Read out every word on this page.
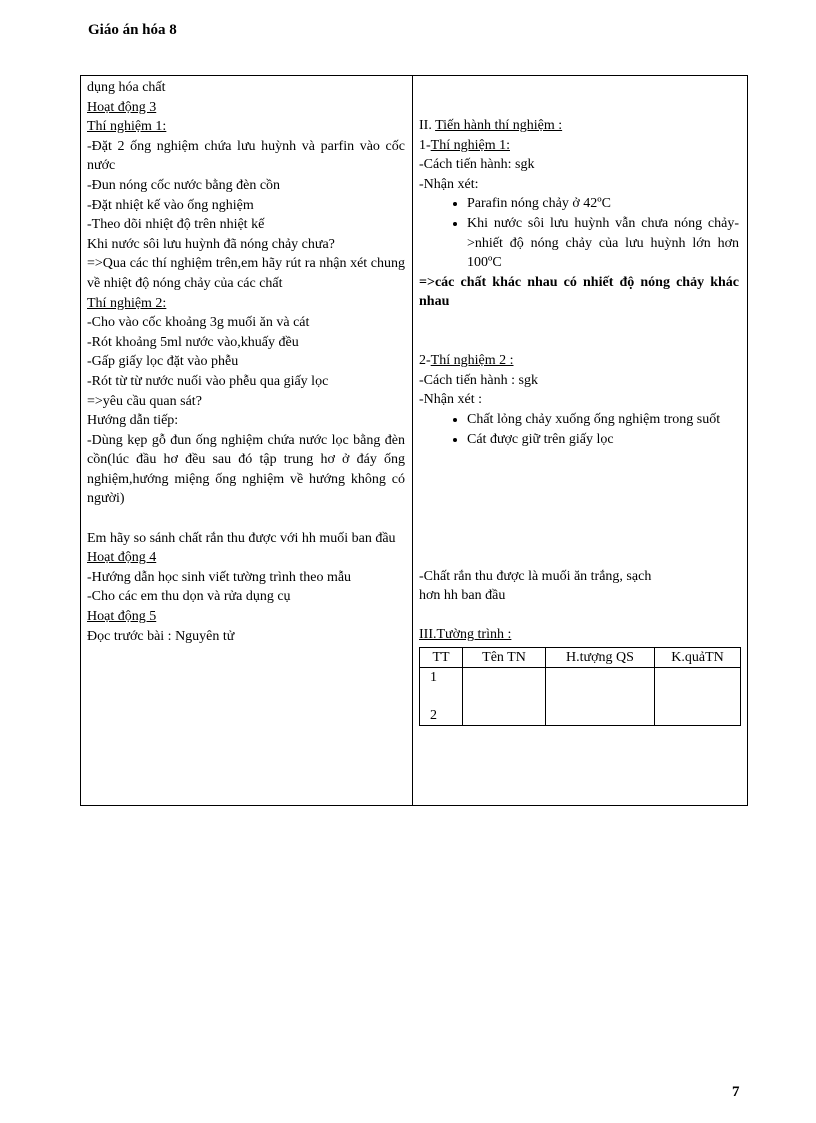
Giáo án hóa 8
dụng hóa chất
Hoạt động 3
Thí nghiệm 1:
-Đặt 2 ống nghiệm chứa lưu huỳnh và parfin vào cốc nước
-Đun nóng cốc nước bằng đèn cồn
-Đặt nhiệt kế vào ống nghiệm
-Theo dõi nhiệt độ trên nhiệt kế
Khi nước sôi lưu huỳnh đã nóng chảy chưa?
=>Qua các thí nghiệm trên,em hãy rút ra nhận xét chung về nhiệt độ nóng chảy của các chất
Thí nghiệm 2:
-Cho vào cốc khoảng 3g muối ăn và cát
-Rót khoảng 5ml nước vào,khuấy đều
-Gấp giấy lọc đặt vào phễu
-Rót từ từ nước nuối vào phễu qua giấy lọc
=>yêu cầu quan sát?
Hướng dẫn tiếp:
-Dùng kẹp gỗ đun ống nghiệm chứa nước lọc bằng đèn cồn(lúc đầu hơ đều sau đó tập trung hơ ở đáy ống nghiệm,hướng miệng ống nghiệm về hướng không có người)
Em hãy so sánh chất rắn thu được với hh muối ban đầu
Hoạt động 4
-Hướng dẫn học sinh viết tường trình theo mẫu
-Cho các em thu dọn và rửa dụng cụ
Hoạt động 5
Đọc trước bài : Nguyên tử
II. Tiến hành thí nghiệm :
1-Thí nghiệm 1:
-Cách tiến hành: sgk
-Nhận xét:
• Parafin nóng chảy ở 42ºC
• Khi nước sôi lưu huỳnh vẫn chưa nóng chảy->nhiết độ nóng chảy của lưu huỳnh lớn hơn 100ºC
=>các chất khác nhau có nhiết độ nóng chảy khác nhau
2-Thí nghiệm 2 :
-Cách tiến hành : sgk
-Nhận xét :
• Chất lỏng chảy xuống ống nghiệm trong suốt
• Cát được giữ trên giấy lọc
-Chất rắn thu được là muối ăn trắng, sạch
hơn hh ban đầu
III.Tường trình :
TT	Tên TN	H.tượng QS	K.quảTN

1
2			

7
